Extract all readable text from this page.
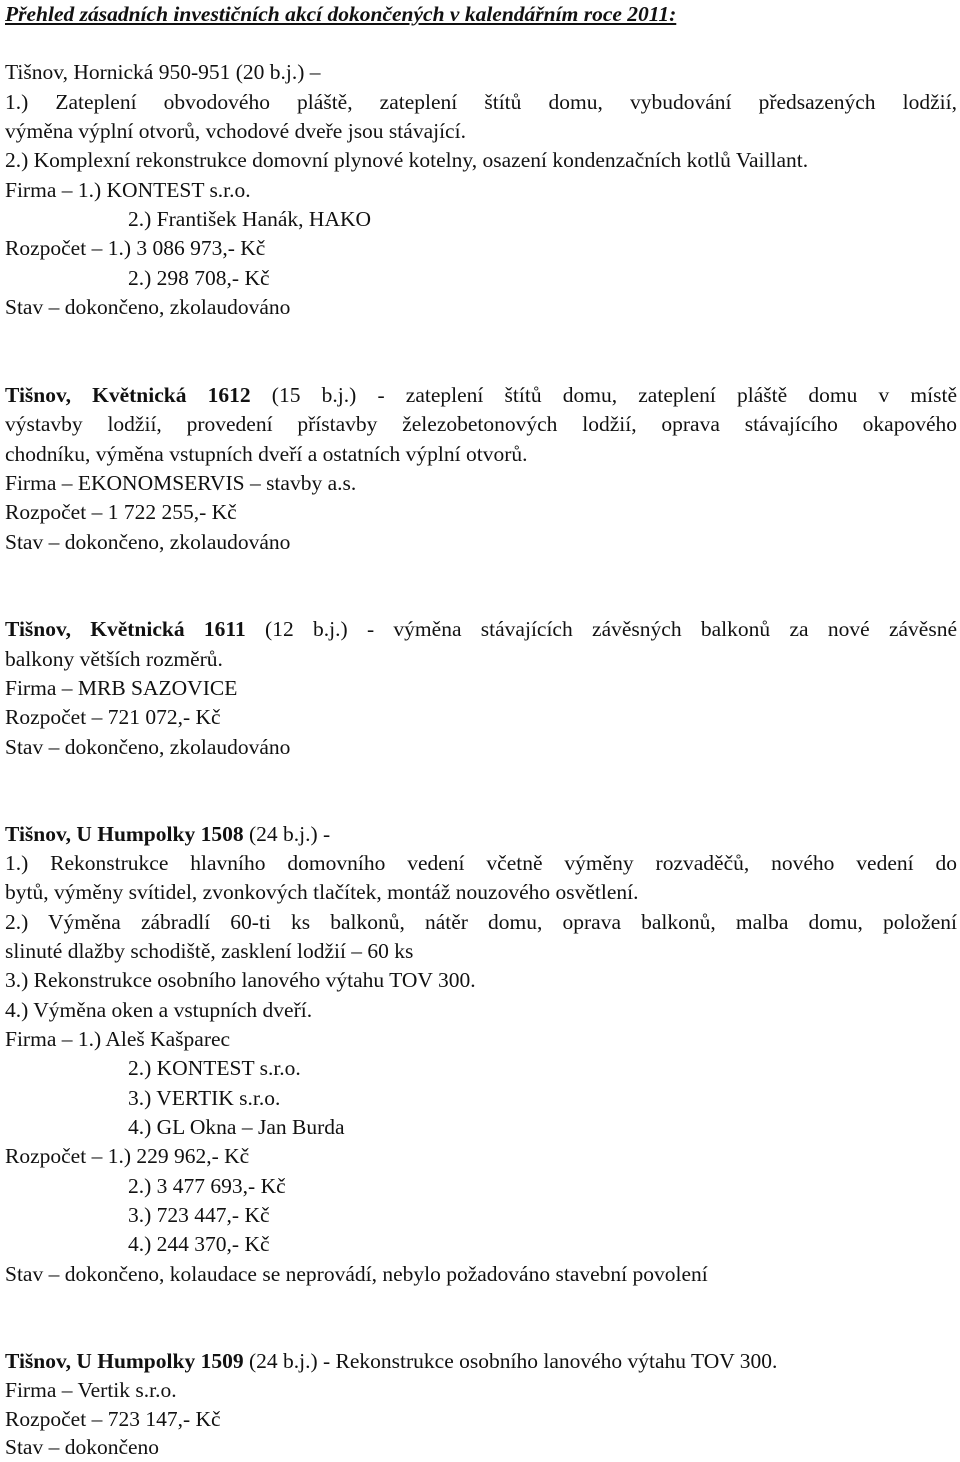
Přehled zásadních investičních akcí dokončených v kalendářním roce 2011:
Tišnov, Hornická 950-951 (20 b.j.) –
1.) Zateplení obvodového pláště, zateplení štítů domu, vybudování předsazených lodžií,
výměna výplní otvorů, vchodové dveře jsou stávající.
2.) Komplexní rekonstrukce domovní plynové kotelny, osazení kondenzačních kotlů Vaillant.
Firma – 1.) KONTEST s.r.o.
2.) František Hanák, HAKO
Rozpočet – 1.) 3 086 973,- Kč
2.) 298 708,- Kč
Stav – dokončeno, zkolaudováno
Tišnov, Květnická 1612 (15 b.j.) - zateplení štítů domu, zateplení pláště domu v místě
výstavby lodžií, provedení přístavby železobetonových lodžií, oprava stávajícího okapového
chodníku, výměna vstupních dveří a ostatních výplní otvorů.
Firma – EKONOMSERVIS – stavby a.s.
Rozpočet – 1 722 255,- Kč
Stav – dokončeno, zkolaudováno
Tišnov, Květnická 1611 (12 b.j.) - výměna stávajících závěsných balkonů za nové závěsné
balkony větších rozměrů.
Firma – MRB SAZOVICE
Rozpočet – 721 072,- Kč
Stav – dokončeno, zkolaudováno
Tišnov, U Humpolky 1508 (24 b.j.) -
1.) Rekonstrukce hlavního domovního vedení včetně výměny rozvaděčů, nového vedení do
bytů, výměny svítidel, zvonkových tlačítek, montáž nouzového osvětlení.
2.) Výměna zábradlí 60-ti ks balkonů, nátěr domu, oprava balkonů, malba domu, položení
slinuté dlažby schodiště, zasklení lodžií – 60 ks
3.) Rekonstrukce osobního lanového výtahu TOV 300.
4.) Výměna oken a vstupních dveří.
Firma – 1.) Aleš Kašparec
2.) KONTEST s.r.o.
3.) VERTIK s.r.o.
4.) GL Okna – Jan Burda
Rozpočet – 1.) 229 962,- Kč
2.) 3 477 693,- Kč
3.) 723 447,- Kč
4.) 244 370,- Kč
Stav – dokončeno, kolaudace se neprovádí, nebylo požadováno stavební povolení
Tišnov, U Humpolky 1509 (24 b.j.) - Rekonstrukce osobního lanového výtahu TOV 300.
Firma – Vertik s.r.o.
Rozpočet – 723 147,- Kč
Stav – dokončeno
